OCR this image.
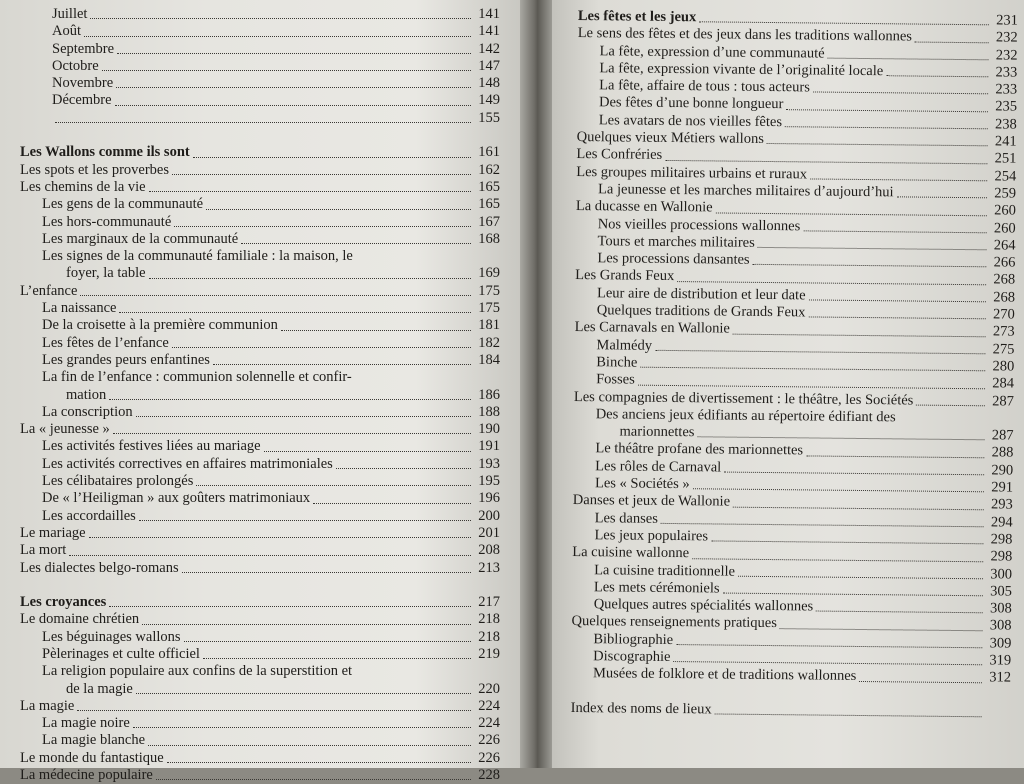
Juillet	141
Août	141
Septembre	142
Octobre	147
Novembre	148
Décembre	149
155
Les Wallons comme ils sont	161
Les spots et les proverbes	162
Les chemins de la vie	165
Les gens de la communauté	165
Les hors-communauté	167
Les marginaux de la communauté	168
Les signes de la communauté familiale : la maison, le
foyer, la table	169
L’enfance	175
La naissance	175
De la croisette à la première communion	181
Les fêtes de l’enfance	182
Les grandes peurs enfantines	184
La fin de l’enfance : communion solennelle et confir-
mation	186
La conscription	188
La « jeunesse »	190
Les activités festives liées au mariage	191
Les activités correctives en affaires matrimoniales	193
Les célibataires prolongés	195
De « l’Heiligman » aux goûters matrimoniaux	196
Les accordailles	200
Le mariage	201
La mort	208
Les dialectes belgo-romans	213
Les croyances	217
Le domaine chrétien	218
Les béguinages wallons	218
Pèlerinages et culte officiel	219
La religion populaire aux confins de la superstition et
de la magie	220
La magie	224
La magie noire	224
La magie blanche	226
Le monde du fantastique	226
La médecine populaire	228
Les fêtes et les jeux	231
Le sens des fêtes et des jeux dans les traditions wallonnes	232
La fête, expression d’une communauté	232
La fête, expression vivante de l’originalité locale	233
La fête, affaire de tous : tous acteurs	233
Des fêtes d’une bonne longueur	235
Les avatars de nos vieilles fêtes	238
Quelques vieux Métiers wallons	241
Les Confréries	251
Les groupes militaires urbains et ruraux	254
La jeunesse et les marches militaires d’aujourd’hui	259
La ducasse en Wallonie	260
Nos vieilles processions wallonnes	260
Tours et marches militaires	264
Les processions dansantes	266
Les Grands Feux	268
Leur aire de distribution et leur date	268
Quelques traditions de Grands Feux	270
Les Carnavals en Wallonie	273
Malmédy	275
Binche	280
Fosses	284
Les compagnies de divertissement : le théâtre, les Sociétés	287
Des anciens jeux édifiants au répertoire édifiant des
marionnettes	287
Le théâtre profane des marionnettes	288
Les rôles de Carnaval	290
Les « Sociétés »	291
Danses et jeux de Wallonie	293
Les danses	294
Les jeux populaires	298
La cuisine wallonne	298
La cuisine traditionnelle	300
Les mets cérémoniels	305
Quelques autres spécialités wallonnes	308
Quelques renseignements pratiques	308
Bibliographie	309
Discographie	319
Musées de folklore et de traditions wallonnes	312
Index des noms de lieux
